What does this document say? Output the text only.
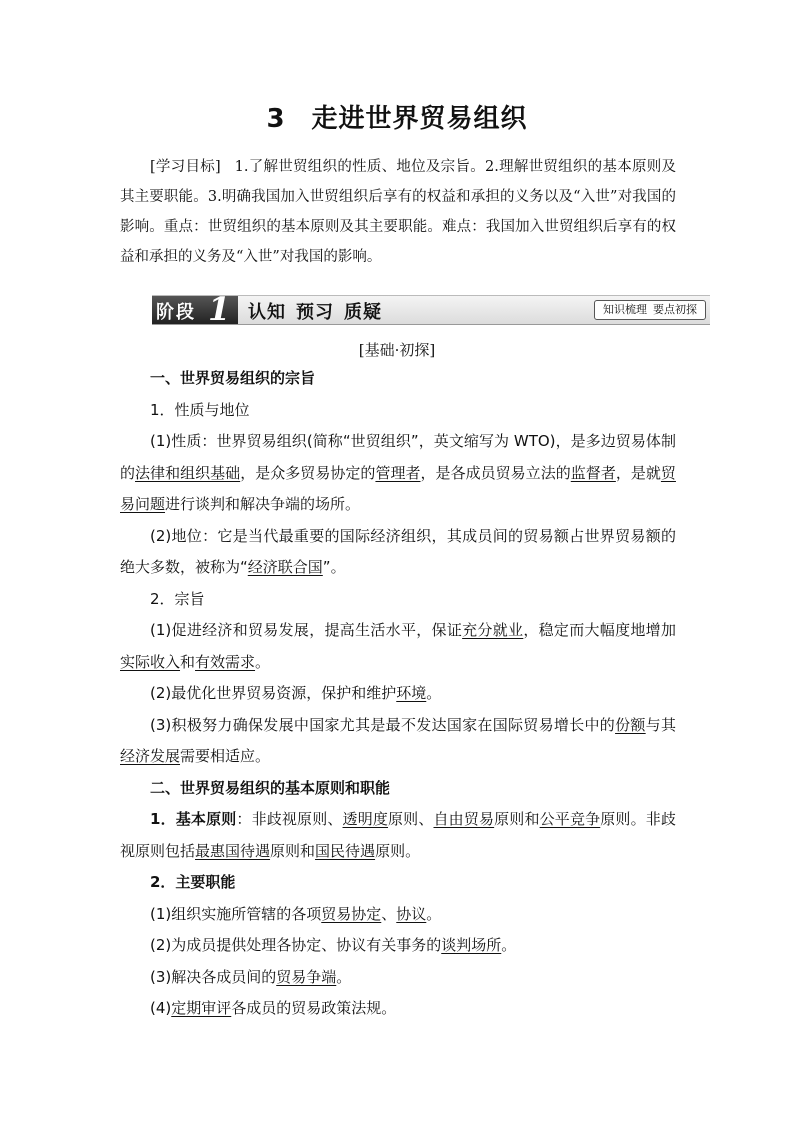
3 走进世界贸易组织
[学习目标] 1.了解世贸组织的性质、地位及宗旨。2.理解世贸组织的基本原则及其主要职能。3.明确我国加入世贸组织后享有的权益和承担的义务以及“入世”对我国的影响。重点：世贸组织的基本原则及其主要职能。难点：我国加入世贸组织后享有的权益和承担的义务及“入世”对我国的影响。
阶段 1 认知 预习 质疑	知识梳理 要点初探
[基础·初探]

一、世界贸易组织的宗旨

1．性质与地位

(1)性质：世界贸易组织(简称“世贸组织”，英文缩写为 WTO)，是多边贸易体制的法律和组织基础，是众多贸易协定的管理者，是各成员贸易立法的监督者，是就贸易问题进行谈判和解决争端的场所。

(2)地位：它是当代最重要的国际经济组织，其成员间的贸易额占世界贸易额的绝大多数，被称为“经济联合国”。

2．宗旨

(1)促进经济和贸易发展，提高生活水平，保证充分就业，稳定而大幅度地增加实际收入和有效需求。

(2)最优化世界贸易资源，保护和维护环境。

(3)积极努力确保发展中国家尤其是最不发达国家在国际贸易增长中的份额与其经济发展需要相适应。

二、世界贸易组织的基本原则和职能

1．基本原则：非歧视原则、透明度原则、自由贸易原则和公平竞争原则。非歧视原则包括最惠国待遇原则和国民待遇原则。

2．主要职能

(1)组织实施所管辖的各项贸易协定、协议。

(2)为成员提供处理各协定、协议有关事务的谈判场所。

(3)解决各成员间的贸易争端。

(4)定期审评各成员的贸易政策法规。
